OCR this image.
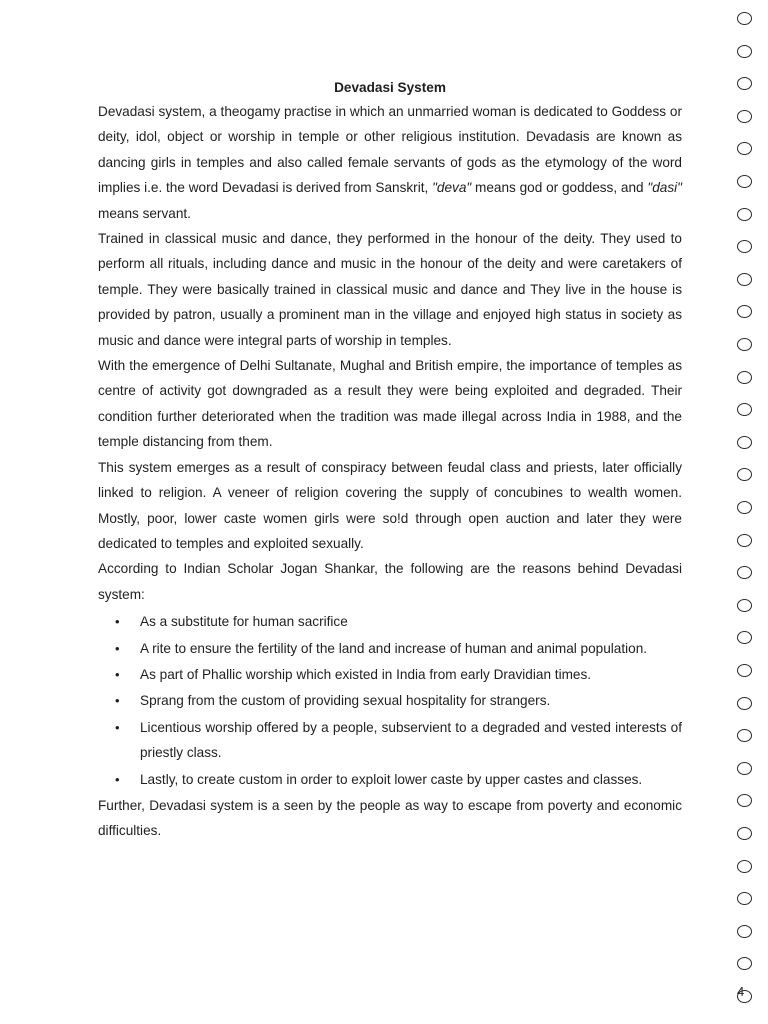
Devadasi System

Devadasi system, a theogamy practise in which an unmarried woman is dedicated to Goddess or deity, idol, object or worship in temple or other religious institution. Devadasis are known as dancing girls in temples and also called female servants of gods as the etymology of the word implies i.e. the word Devadasi is derived from Sanskrit, "deva" means god or goddess, and "dasi" means servant.

Trained in classical music and dance, they performed in the honour of the deity. They used to perform all rituals, including dance and music in the honour of the deity and were caretakers of temple. They were basically trained in classical music and dance and They live in the house is provided by patron, usually a prominent man in the village and enjoyed high status in society as music and dance were integral parts of worship in temples.

With the emergence of Delhi Sultanate, Mughal and British empire, the importance of temples as centre of activity got downgraded as a result they were being exploited and degraded. Their condition further deteriorated when the tradition was made illegal across India in 1988, and the temple distancing from them.

This system emerges as a result of conspiracy between feudal class and priests, later officially linked to religion. A veneer of religion covering the supply of concubines to wealth women. Mostly, poor, lower caste women girls were so!d through open auction and later they were dedicated to temples and exploited sexually.

According to Indian Scholar Jogan Shankar, the following are the reasons behind Devadasi system:

• As a substitute for human sacrifice
• A rite to ensure the fertility of the land and increase of human and animal population.
• As part of Phallic worship which existed in India from early Dravidian times.
• Sprang from the custom of providing sexual hospitality for strangers.
• Licentious worship offered by a people, subservient to a degraded and vested interests of priestly class.
• Lastly, to create custom in order to exploit lower caste by upper castes and classes.

Further, Devadasi system is a seen by the people as way to escape from poverty and economic difficulties.

4
